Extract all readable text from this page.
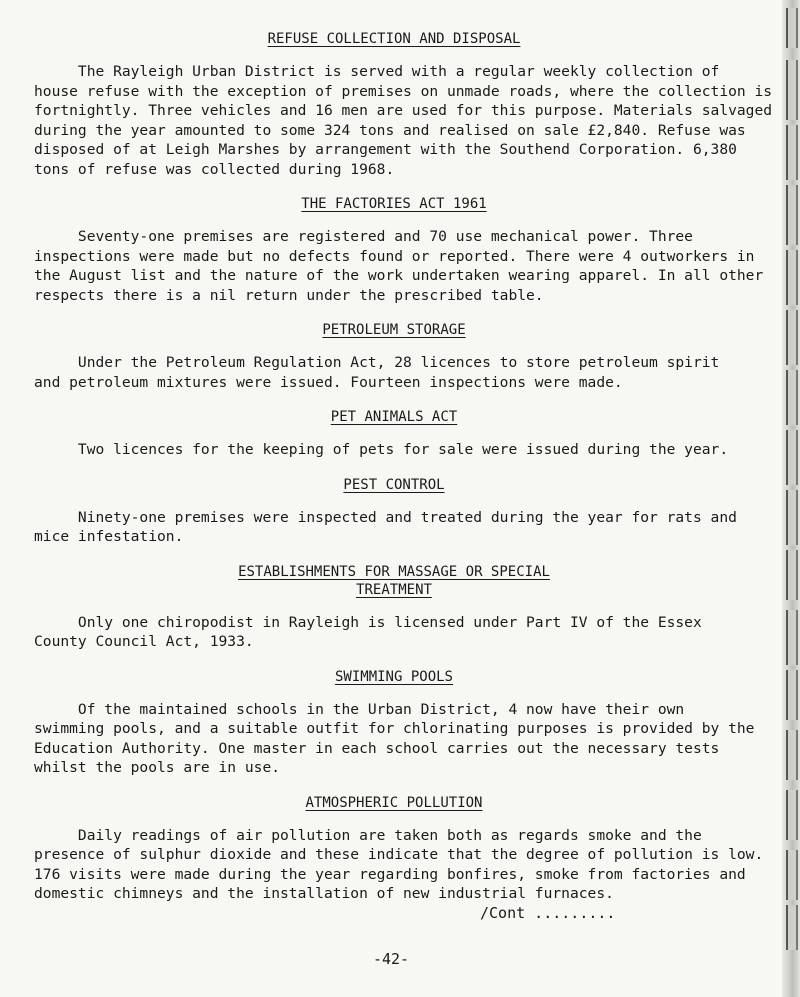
REFUSE COLLECTION AND DISPOSAL
The Rayleigh Urban District is served with a regular weekly collection of
house refuse with the exception of premises on unmade roads, where the collection is
fortnightly. Three vehicles and 16 men are used for this purpose. Materials salvaged
during the year amounted to some 324 tons and realised on sale £2,840. Refuse was
disposed of at Leigh Marshes by arrangement with the Southend Corporation. 6,380
tons of refuse was collected during 1968.
THE FACTORIES ACT 1961
Seventy-one premises are registered and 70 use mechanical power. Three
inspections were made but no defects found or reported. There were 4 outworkers in
the August list and the nature of the work undertaken wearing apparel. In all other
respects there is a nil return under the prescribed table.
PETROLEUM STORAGE
Under the Petroleum Regulation Act, 28 licences to store petroleum spirit
and petroleum mixtures were issued. Fourteen inspections were made.
PET ANIMALS ACT
Two licences for the keeping of pets for sale were issued during the year.
PEST CONTROL
Ninety-one premises were inspected and treated during the year for rats and
mice infestation.
ESTABLISHMENTS FOR MASSAGE OR SPECIAL
TREATMENT
Only one chiropodist in Rayleigh is licensed under Part IV of the Essex
County Council Act, 1933.
SWIMMING POOLS
Of the maintained schools in the Urban District, 4 now have their own
swimming pools, and a suitable outfit for chlorinating purposes is provided by the
Education Authority. One master in each school carries out the necessary tests
whilst the pools are in use.
ATMOSPHERIC POLLUTION
Daily readings of air pollution are taken both as regards smoke and the
presence of sulphur dioxide and these indicate that the degree of pollution is low.
176 visits were made during the year regarding bonfires, smoke from factories and
domestic chimneys and the installation of new industrial furnaces.
/Cont .........
-42-
